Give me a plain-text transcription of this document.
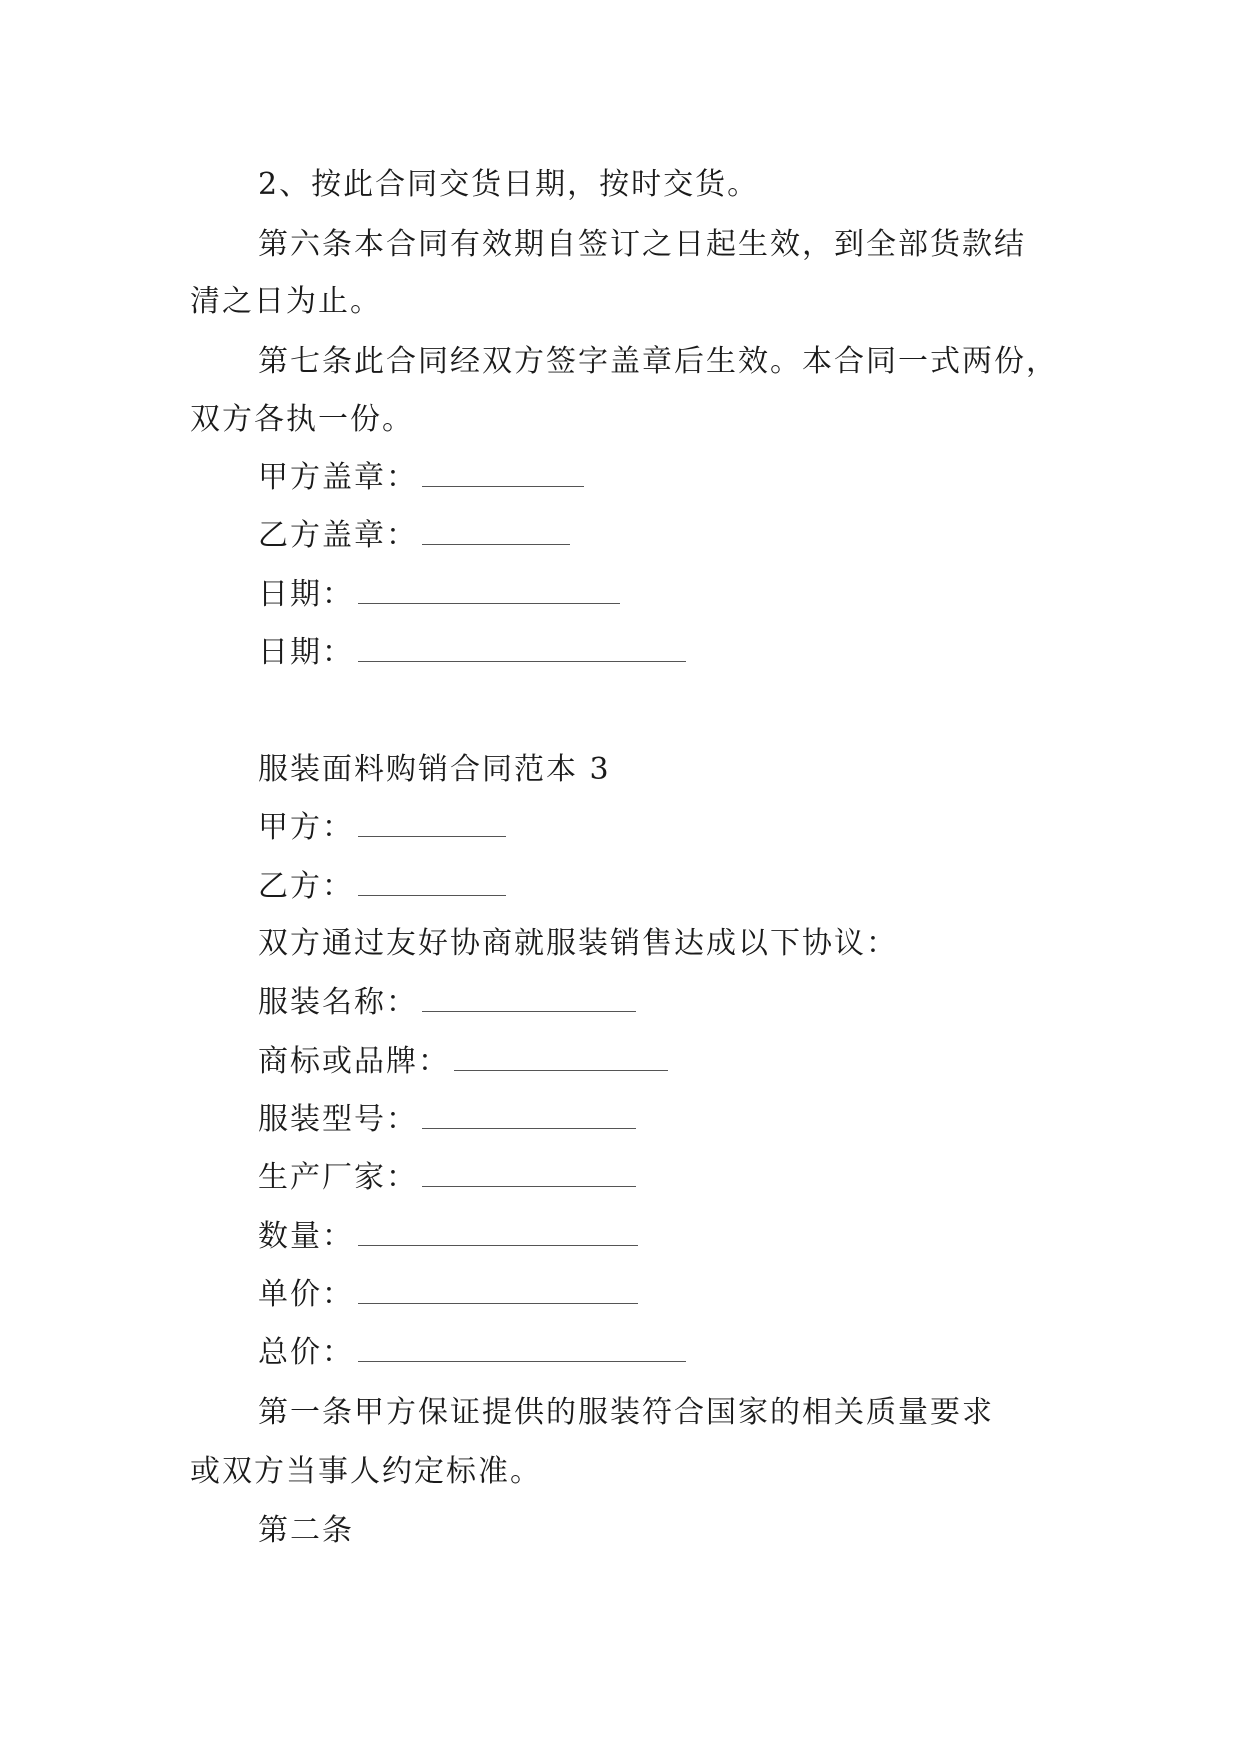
2、按此合同交货日期，按时交货。
第六条本合同有效期自签订之日起生效，到全部货款结
清之日为止。
第七条此合同经双方签字盖章后生效。本合同一式两份，
双方各执一份。
甲方盖章：
乙方盖章：
日期：
日期：
服装面料购销合同范本 3
甲方：
乙方：
双方通过友好协商就服装销售达成以下协议：
服装名称：
商标或品牌：
服装型号：
生产厂家：
数量：
单价：
总价：
第一条甲方保证提供的服装符合国家的相关质量要求
或双方当事人约定标准。
第二条
